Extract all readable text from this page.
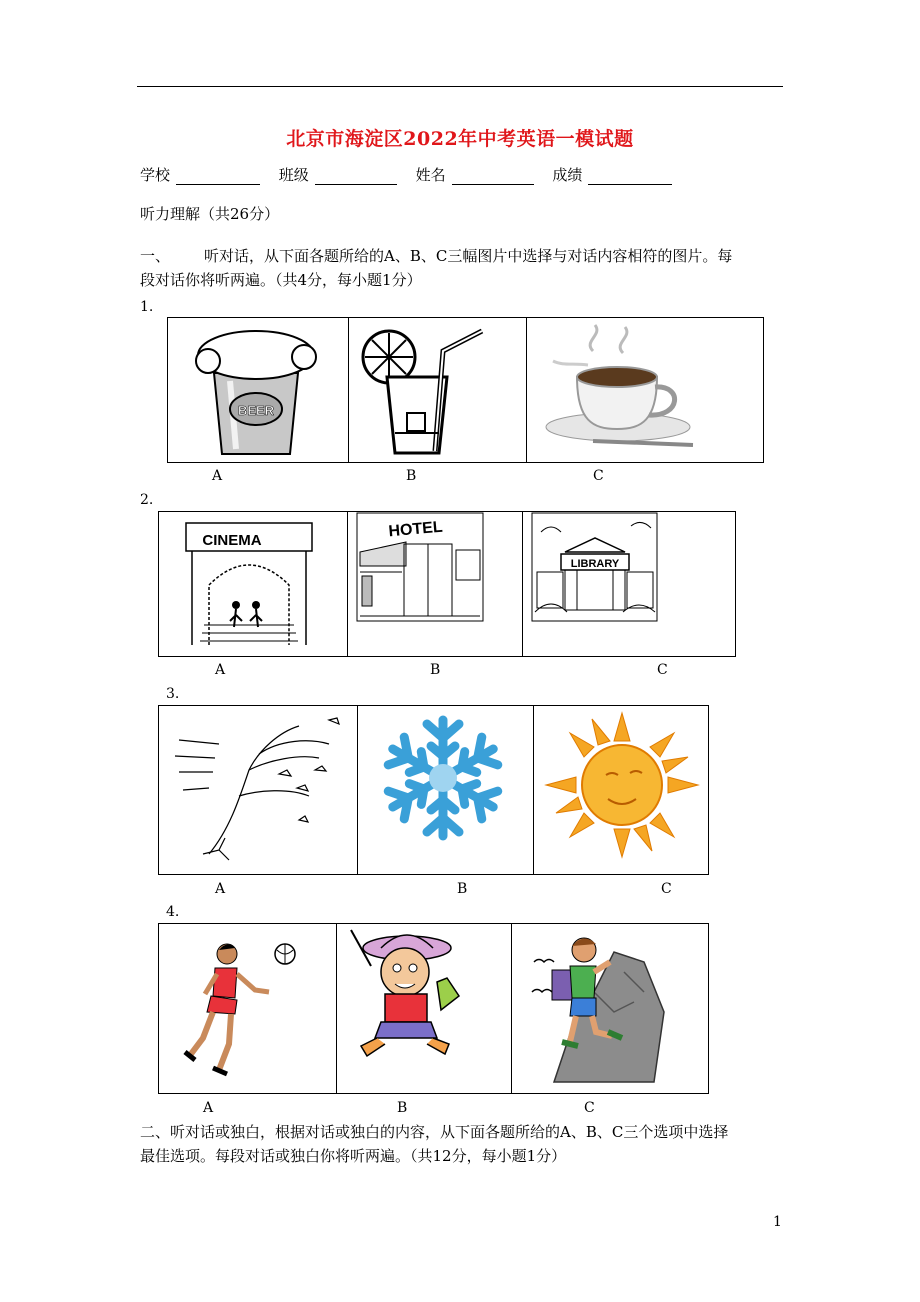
北京市海淀区2022年中考英语一模试题
学校	班级	姓名	成绩
听力理解（共26分）
一、 听对话，从下面各题所给的A、B、C三幅图片中选择与对话内容相符的图片。每
段对话你将听两遍。（共4分，每小题1分）
1.
BEER
A	B	C
2.
CINEMA
HOTEL
LIBRARY
A	B	C
3.
A	B	C
4.
A	B	C
二、听对话或独白，根据对话或独白的内容，从下面各题所给的A、B、C三个选项中选择
最佳选项。每段对话或独白你将听两遍。（共12分，每小题1分）
1
